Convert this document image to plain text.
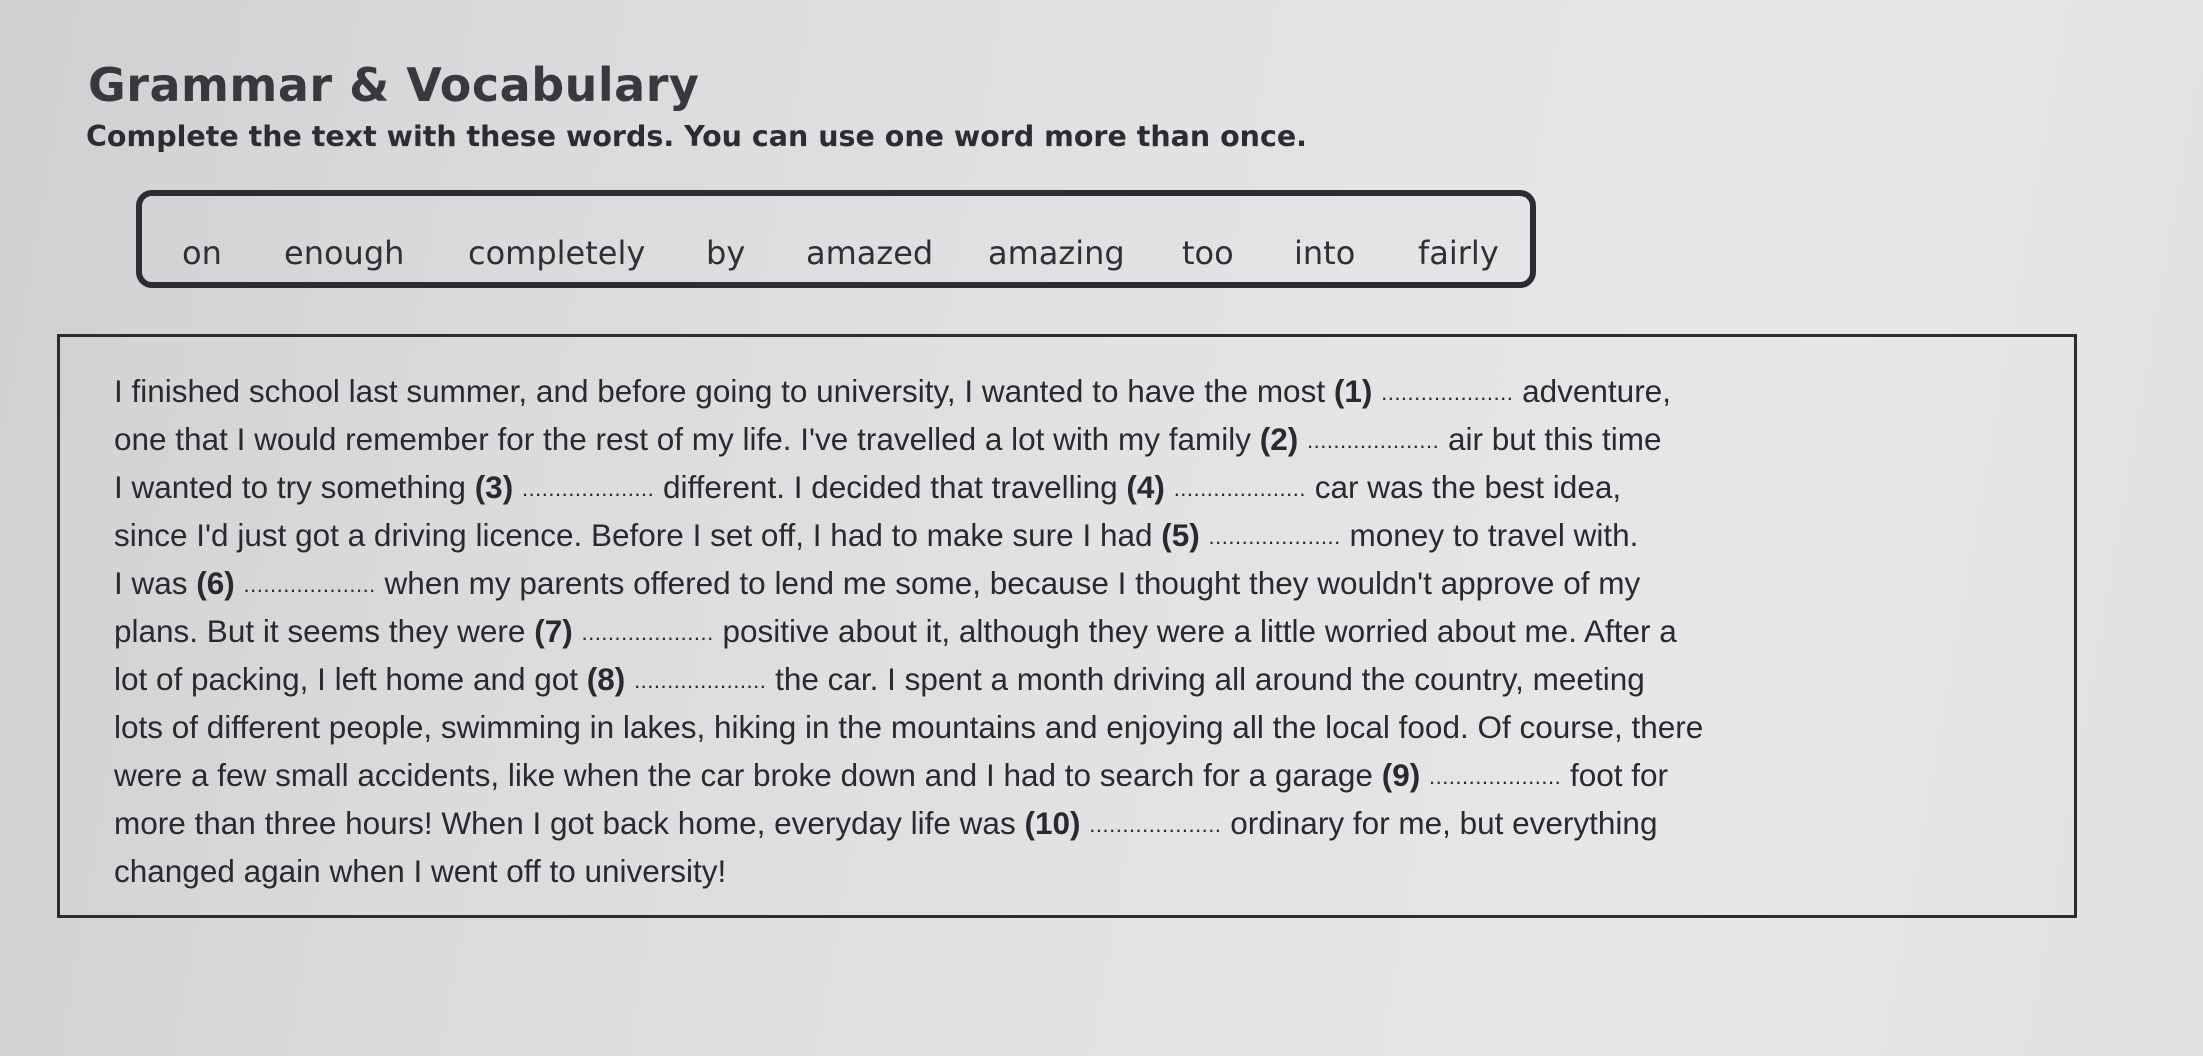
Grammar & Vocabulary

Complete the text with these words. You can use one word more than once.

on enough completely by amazed amazing too into fairly
I finished school last summer, and before going to university, I wanted to have the most (1) .................... adventure,
one that I would remember for the rest of my life. I've travelled a lot with my family (2) .................... air but this time
I wanted to try something (3) .................... different. I decided that travelling (4) .................... car was the best idea,
since I'd just got a driving licence. Before I set off, I had to make sure I had (5) .................... money to travel with.
I was (6) .................... when my parents offered to lend me some, because I thought they wouldn't approve of my
plans. But it seems they were (7) .................... positive about it, although they were a little worried about me. After a
lot of packing, I left home and got (8) .................... the car. I spent a month driving all around the country, meeting
lots of different people, swimming in lakes, hiking in the mountains and enjoying all the local food. Of course, there
were a few small accidents, like when the car broke down and I had to search for a garage (9) .................... foot for
more than three hours! When I got back home, everyday life was (10) .................... ordinary for me, but everything
changed again when I went off to university!
